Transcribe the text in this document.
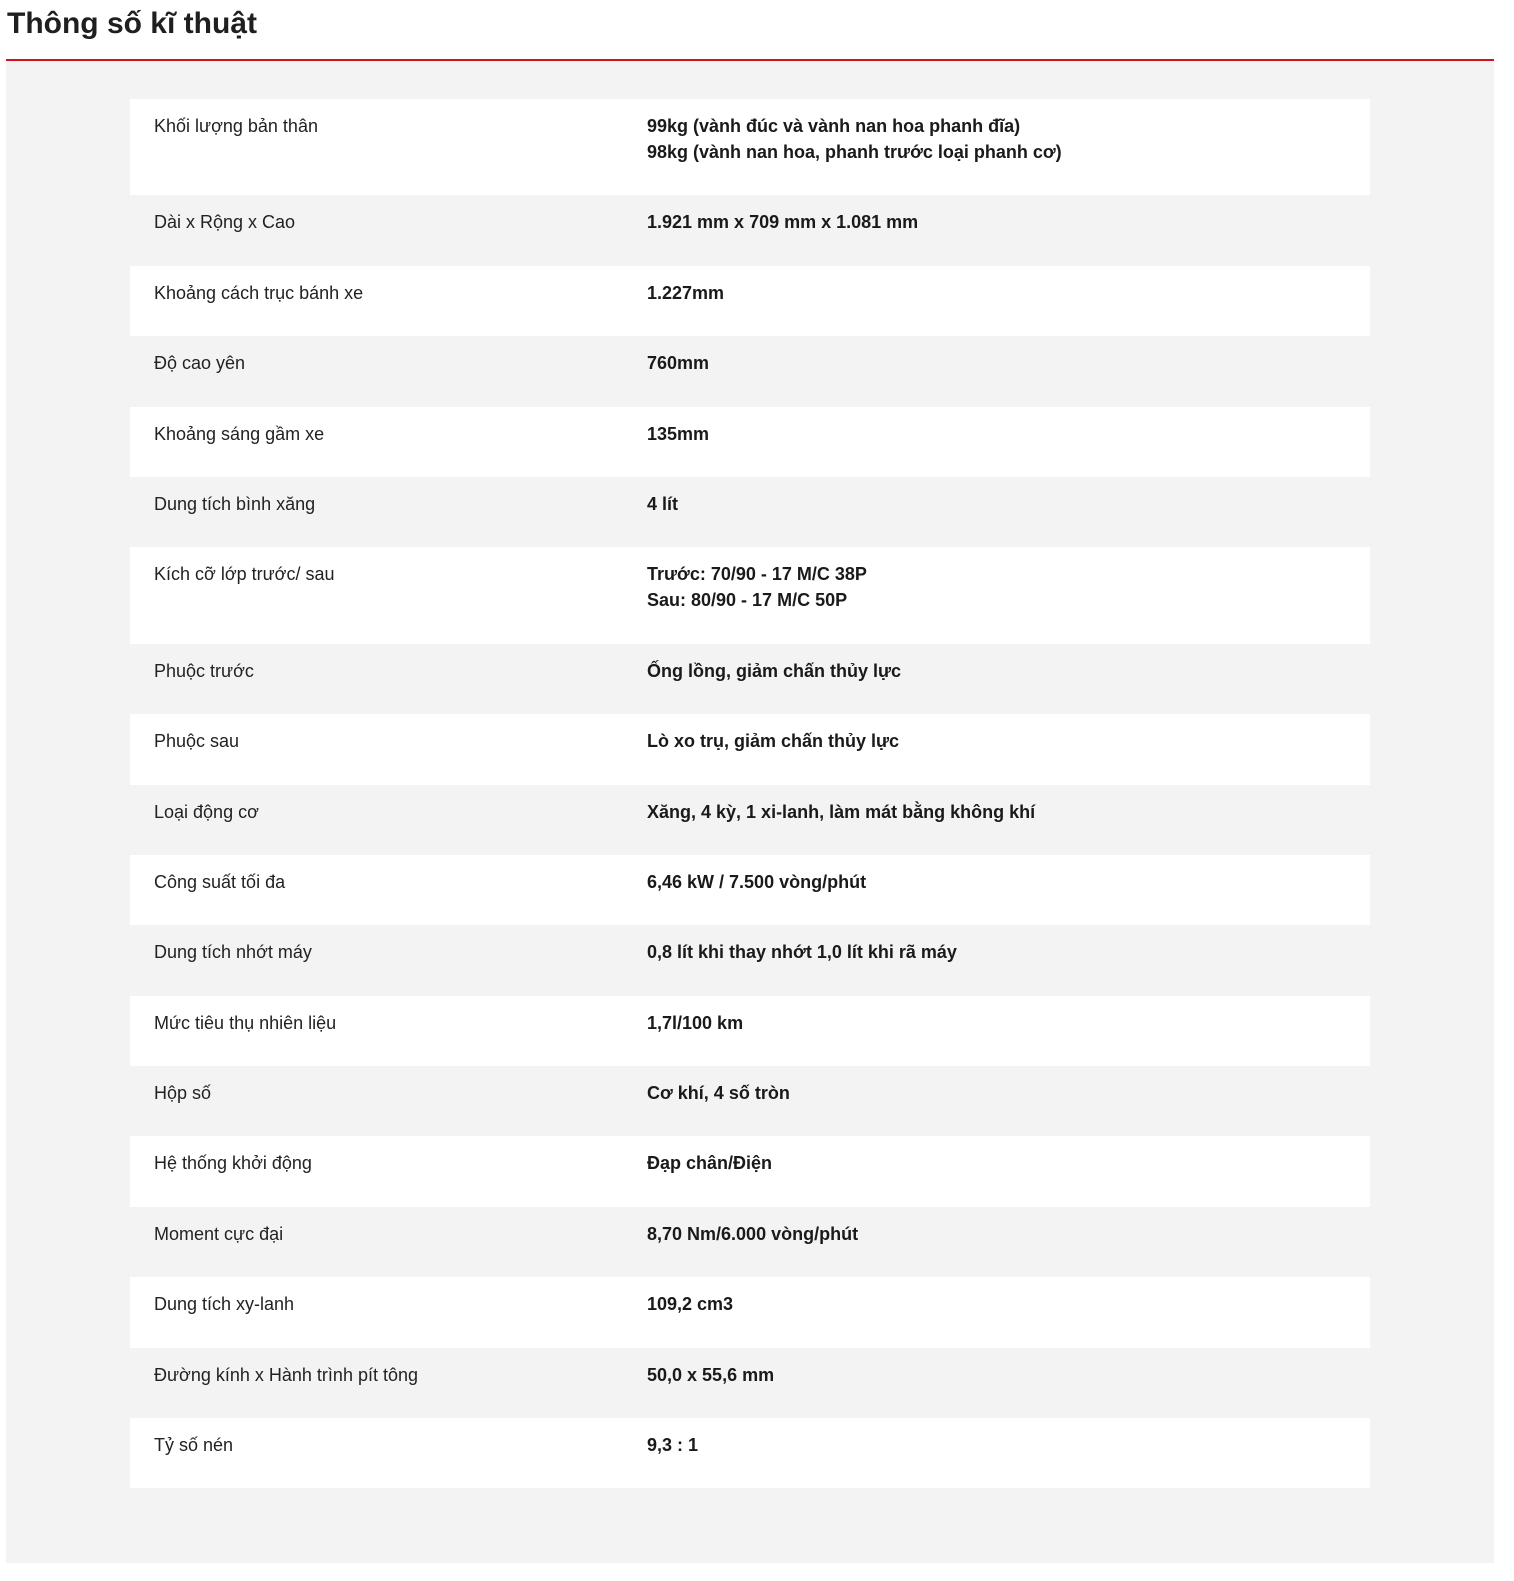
Thông số kĩ thuật
Khối lượng bản thân	99kg (vành đúc và vành nan hoa phanh đĩa)
98kg (vành nan hoa, phanh trước loại phanh cơ)
Dài x Rộng x Cao	1.921 mm x 709 mm x 1.081 mm
Khoảng cách trục bánh xe	1.227mm
Độ cao yên	760mm
Khoảng sáng gầm xe	135mm
Dung tích bình xăng	4 lít
Kích cỡ lớp trước/ sau	Trước: 70/90 - 17 M/C 38P
Sau: 80/90 - 17 M/C 50P
Phuộc trước	Ống lồng, giảm chấn thủy lực
Phuộc sau	Lò xo trụ, giảm chấn thủy lực
Loại động cơ	Xăng, 4 kỳ, 1 xi-lanh, làm mát bằng không khí
Công suất tối đa	6,46 kW / 7.500 vòng/phút
Dung tích nhớt máy	0,8 lít khi thay nhớt 1,0 lít khi rã máy
Mức tiêu thụ nhiên liệu	1,7l/100 km
Hộp số	Cơ khí, 4 số tròn
Hệ thống khởi động	Đạp chân/Điện
Moment cực đại	8,70 Nm/6.000 vòng/phút
Dung tích xy-lanh	109,2 cm3
Đường kính x Hành trình pít tông	50,0 x 55,6 mm
Tỷ số nén	9,3 : 1
